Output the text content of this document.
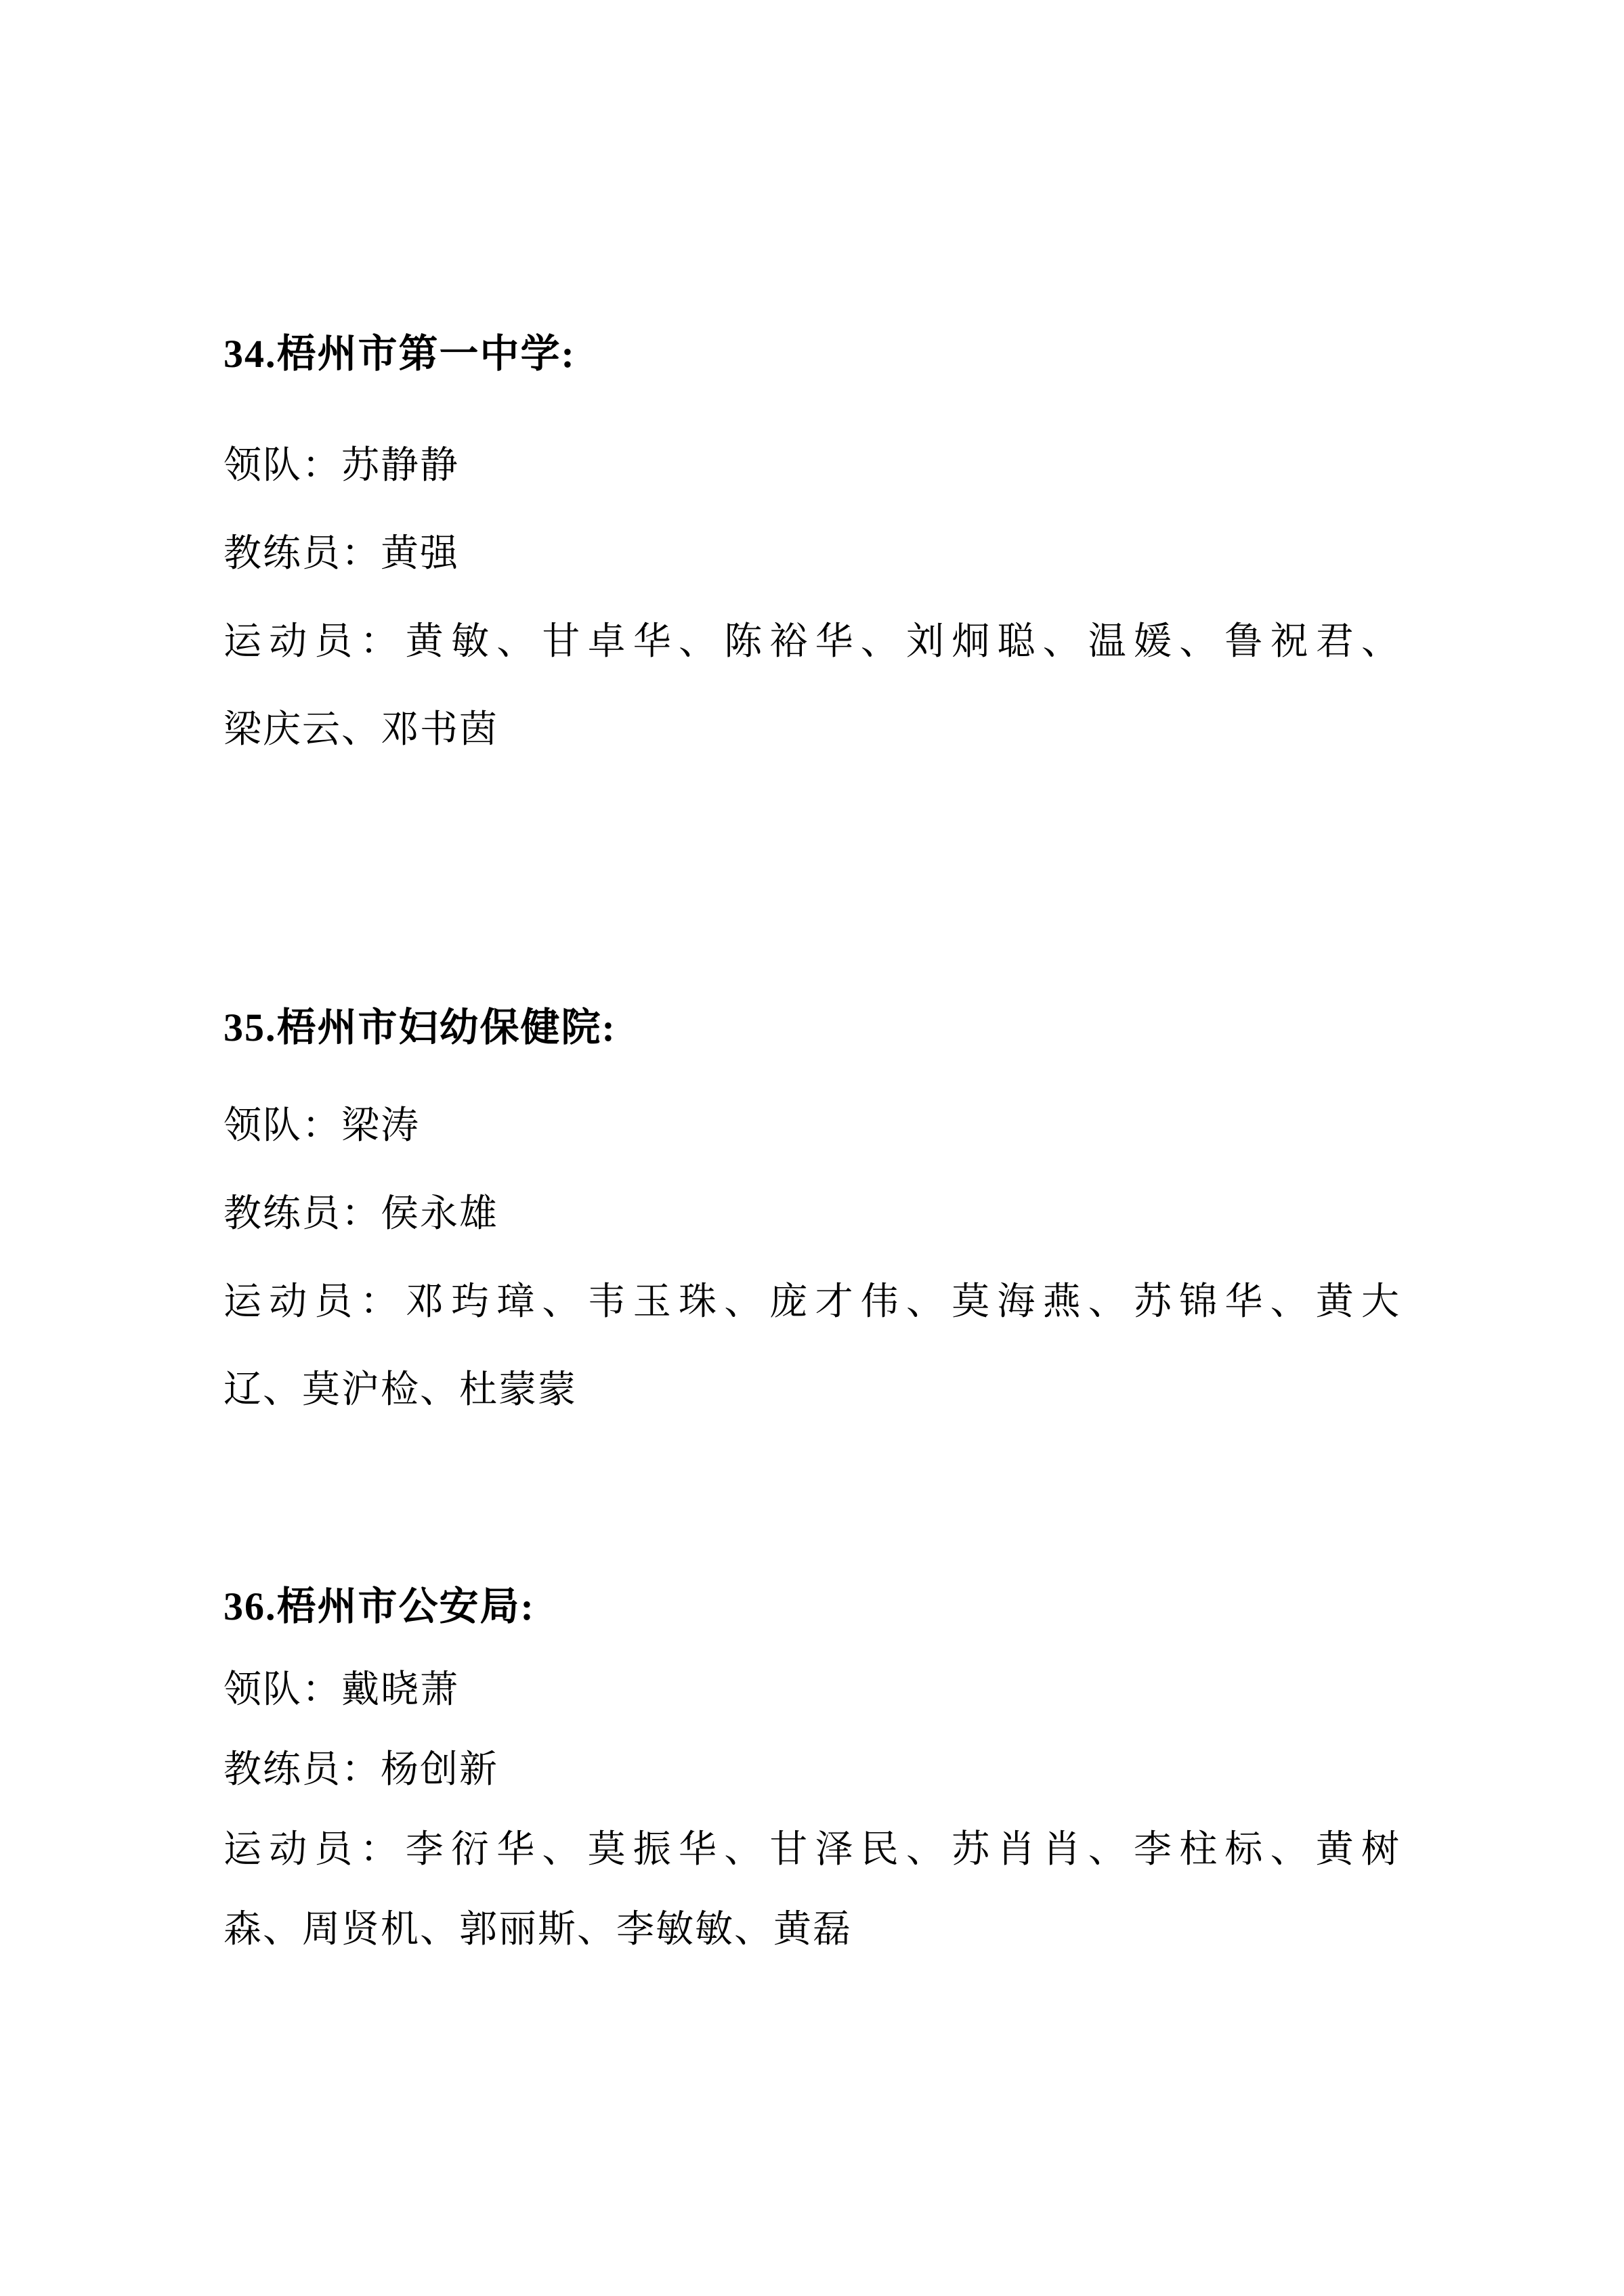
34.梧州市第一中学:

领队：苏静静

教练员：黄强

运动员：黄敏、甘卓华、陈裕华、刘炯聪、温媛、鲁祝君、

梁庆云、邓书茵

35.梧州市妇幼保健院:

领队：梁涛

教练员：侯永雄

运动员：邓玙璋、韦玉珠、庞才伟、莫海燕、苏锦华、黄大

辽、莫沪检、杜蒙蒙

36.梧州市公安局:

领队：戴晓萧

教练员：杨创新

运动员：李衍华、莫振华、甘泽民、苏肖肖、李柱标、黄树

森、周贤机、郭丽斯、李敏敏、黄磊
